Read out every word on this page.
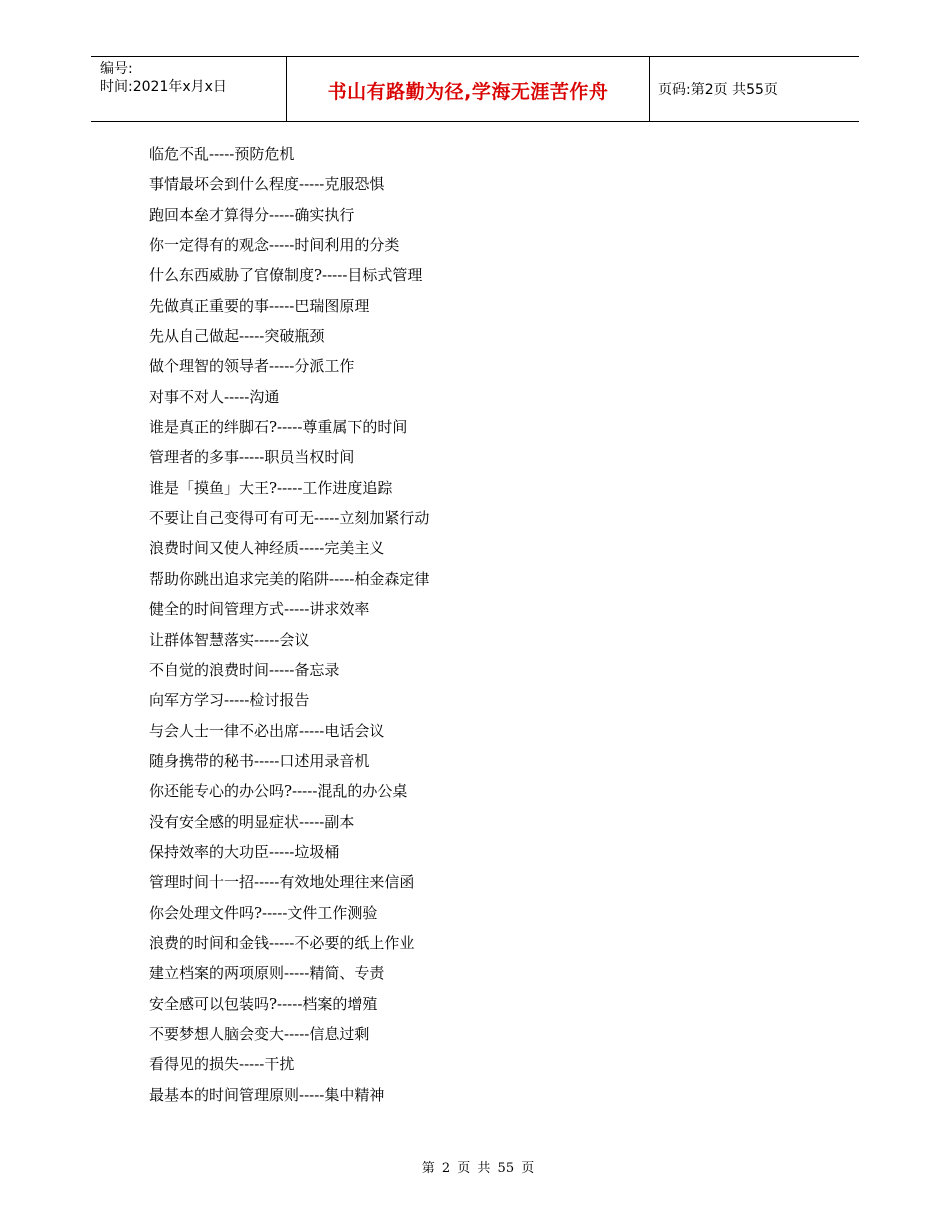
编号:
时间:2021年x月x日	书山有路勤为径,学海无涯苦作舟	页码:第2页 共55页
临危不乱-----预防危机
事情最坏会到什么程度-----克服恐惧
跑回本垒才算得分-----确实执行
你一定得有的观念-----时间利用的分类
什么东西威胁了官僚制度?-----目标式管理
先做真正重要的事-----巴瑞图原理
先从自己做起-----突破瓶颈
做个理智的领导者-----分派工作
对事不对人-----沟通
谁是真正的绊脚石?-----尊重属下的时间
管理者的多事-----职员当权时间
谁是「摸鱼」大王?-----工作进度追踪
不要让自己变得可有可无-----立刻加紧行动
浪费时间又使人神经质-----完美主义
帮助你跳出追求完美的陷阱-----柏金森定律
健全的时间管理方式-----讲求效率
让群体智慧落实-----会议
不自觉的浪费时间-----备忘录
向军方学习-----检讨报告
与会人士一律不必出席-----电话会议
随身携带的秘书-----口述用录音机
你还能专心的办公吗?-----混乱的办公桌
没有安全感的明显症状-----副本
保持效率的大功臣-----垃圾桶
管理时间十一招-----有效地处理往来信函
你会处理文件吗?-----文件工作测验
浪费的时间和金钱-----不必要的纸上作业
建立档案的两项原则-----精简、专责
安全感可以包装吗?-----档案的增殖
不要梦想人脑会变大-----信息过剩
看得见的损失-----干扰
最基本的时间管理原则-----集中精神
第 2 页 共 55 页
